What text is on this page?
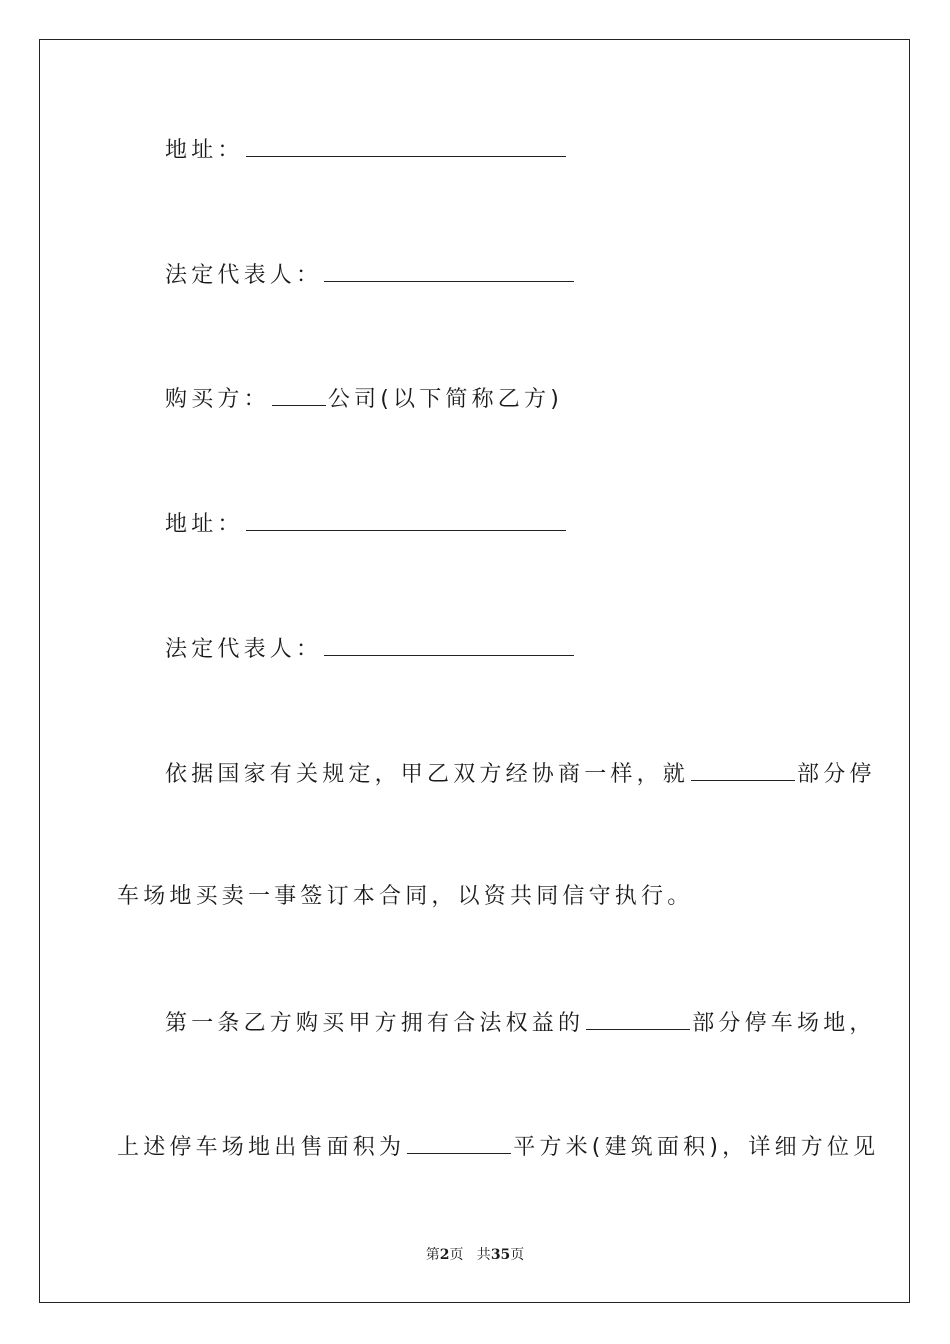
地址：
法定代表人：
购买方：	公司(以下简称乙方)
地址：
法定代表人：
依据国家有关规定，甲乙双方经协商一样，就	部分停
车场地买卖一事签订本合同，以资共同信守执行。
第一条乙方购买甲方拥有合法权益的	部分停车场地，
上述停车场地出售面积为	平方米(建筑面积)，详细方位见
第2页   共35页
